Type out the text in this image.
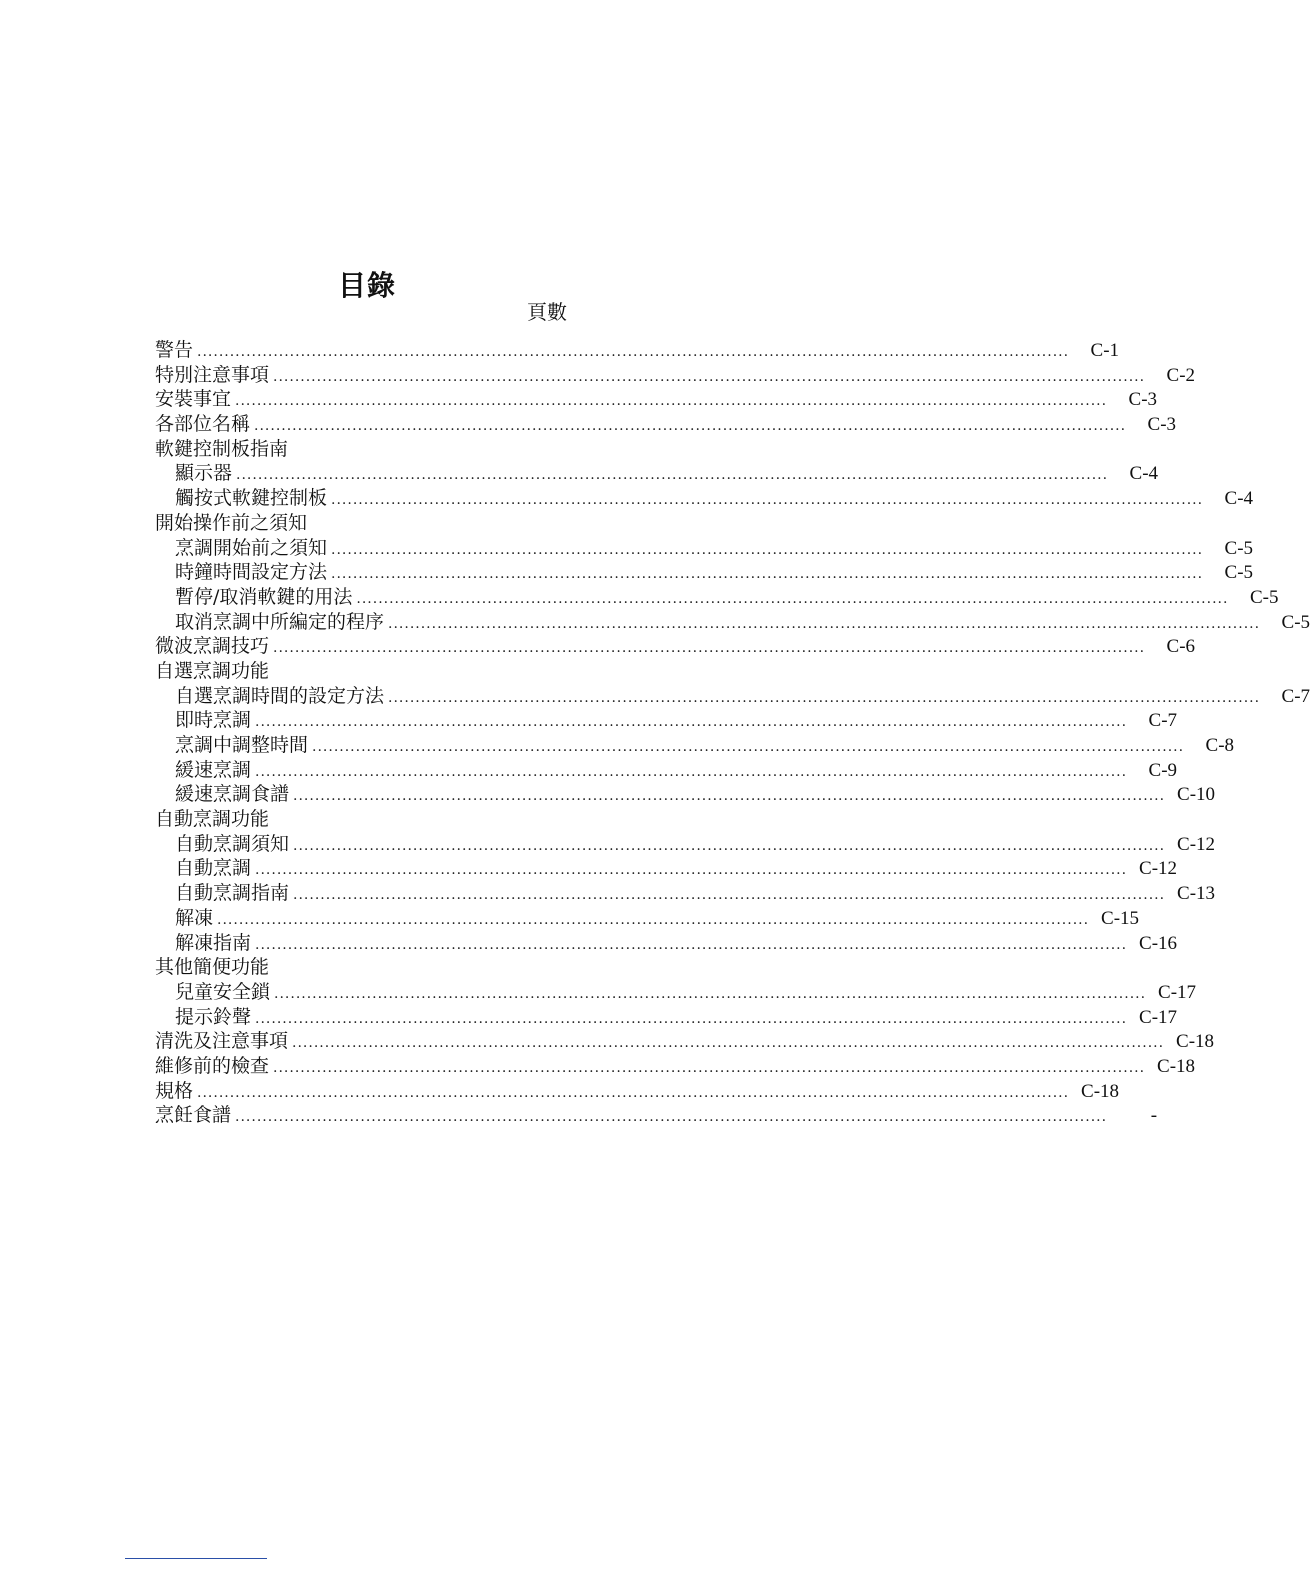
目錄
頁數
警告 ................................................................................................................................................................	C-1
特別注意事項 ................................................................................................................................................................	C-2
安裝事宜 ................................................................................................................................................................	C-3
各部位名稱 ................................................................................................................................................................	C-3
軟鍵控制板指南
顯示器 ................................................................................................................................................................	C-4
觸按式軟鍵控制板 ................................................................................................................................................................	C-4
開始操作前之須知
烹調開始前之須知 ................................................................................................................................................................	C-5
時鐘時間設定方法 ................................................................................................................................................................	C-5
暫停/取消軟鍵的用法 ................................................................................................................................................................	C-5
取消烹調中所編定的程序 ................................................................................................................................................................	C-5
微波烹調技巧 ................................................................................................................................................................	C-6
自選烹調功能
自選烹調時間的設定方法 ................................................................................................................................................................	C-7
即時烹調 ................................................................................................................................................................	C-7
烹調中調整時間 ................................................................................................................................................................	C-8
緩速烹調 ................................................................................................................................................................	C-9
緩速烹調食譜 ................................................................................................................................................................ C-10
自動烹調功能
自動烹調須知 ................................................................................................................................................................ C-12
自動烹調 ................................................................................................................................................................ C-12
自動烹調指南 ................................................................................................................................................................ C-13
解凍 ................................................................................................................................................................ C-15
解凍指南 ................................................................................................................................................................ C-16
其他簡便功能
兒童安全鎖 ................................................................................................................................................................ C-17
提示鈴聲 ................................................................................................................................................................ C-17
清洗及注意事項 ................................................................................................................................................................ C-18
維修前的檢查 ................................................................................................................................................................ C-18
規格 ................................................................................................................................................................ C-18
烹飪食譜 ................................................................................................................................................................	-
